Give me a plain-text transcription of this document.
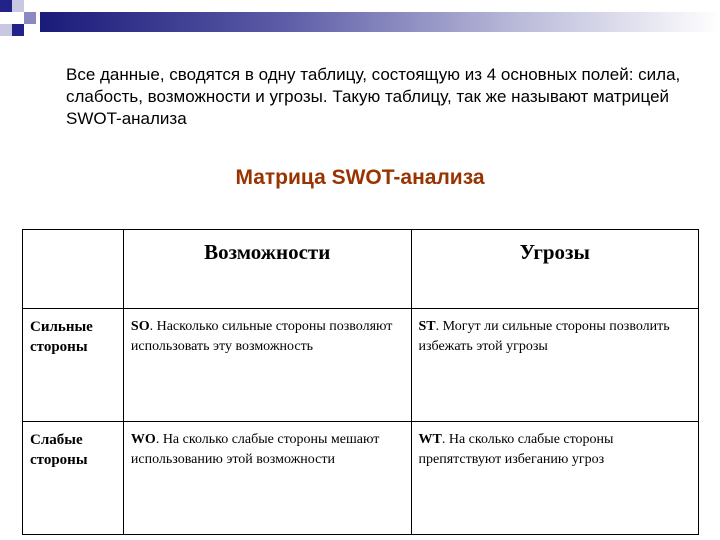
Все данные, сводятся в одну таблицу, состоящую из 4 основных полей: сила, слабость, возможности и угрозы. Такую таблицу, так же называют матрицей SWOT-анализа
Матрица SWOT-анализа
	Возможности	Угрозы
Сильные стороны	SO. Насколько сильные стороны позволяют использовать эту возможность	ST. Могут ли сильные стороны позволить избежать этой угрозы
Слабые стороны	WO. На сколько слабые стороны мешают использованию этой возможности	WT. На сколько слабые стороны препятствуют избеганию угроз
